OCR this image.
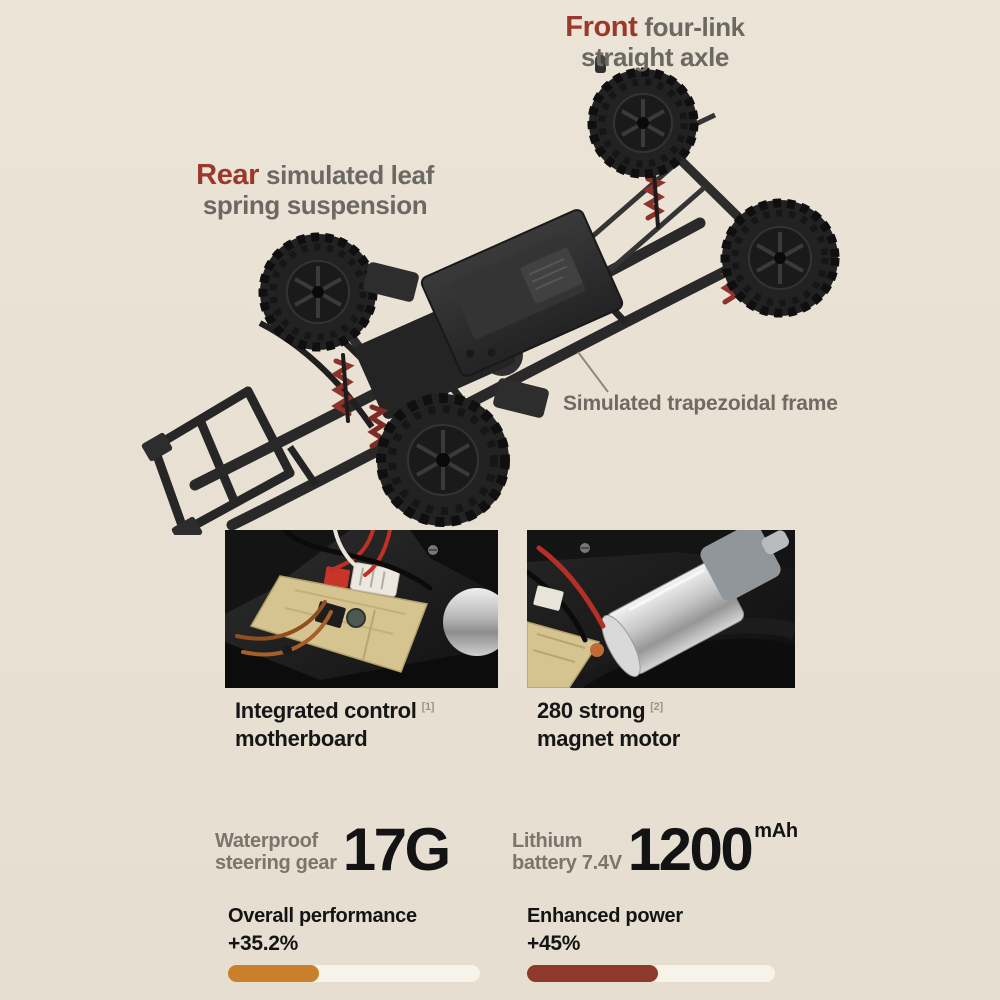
Front four-link
straight axle
Rear simulated leaf
spring suspension
Simulated trapezoidal frame
Integrated control [1]
motherboard
280 strong [2]
magnet motor
Waterproof
steering gear 17G	Lithium
battery 7.4V 1200 mAh
Overall performance
+35.2%
Enhanced power
+45%
